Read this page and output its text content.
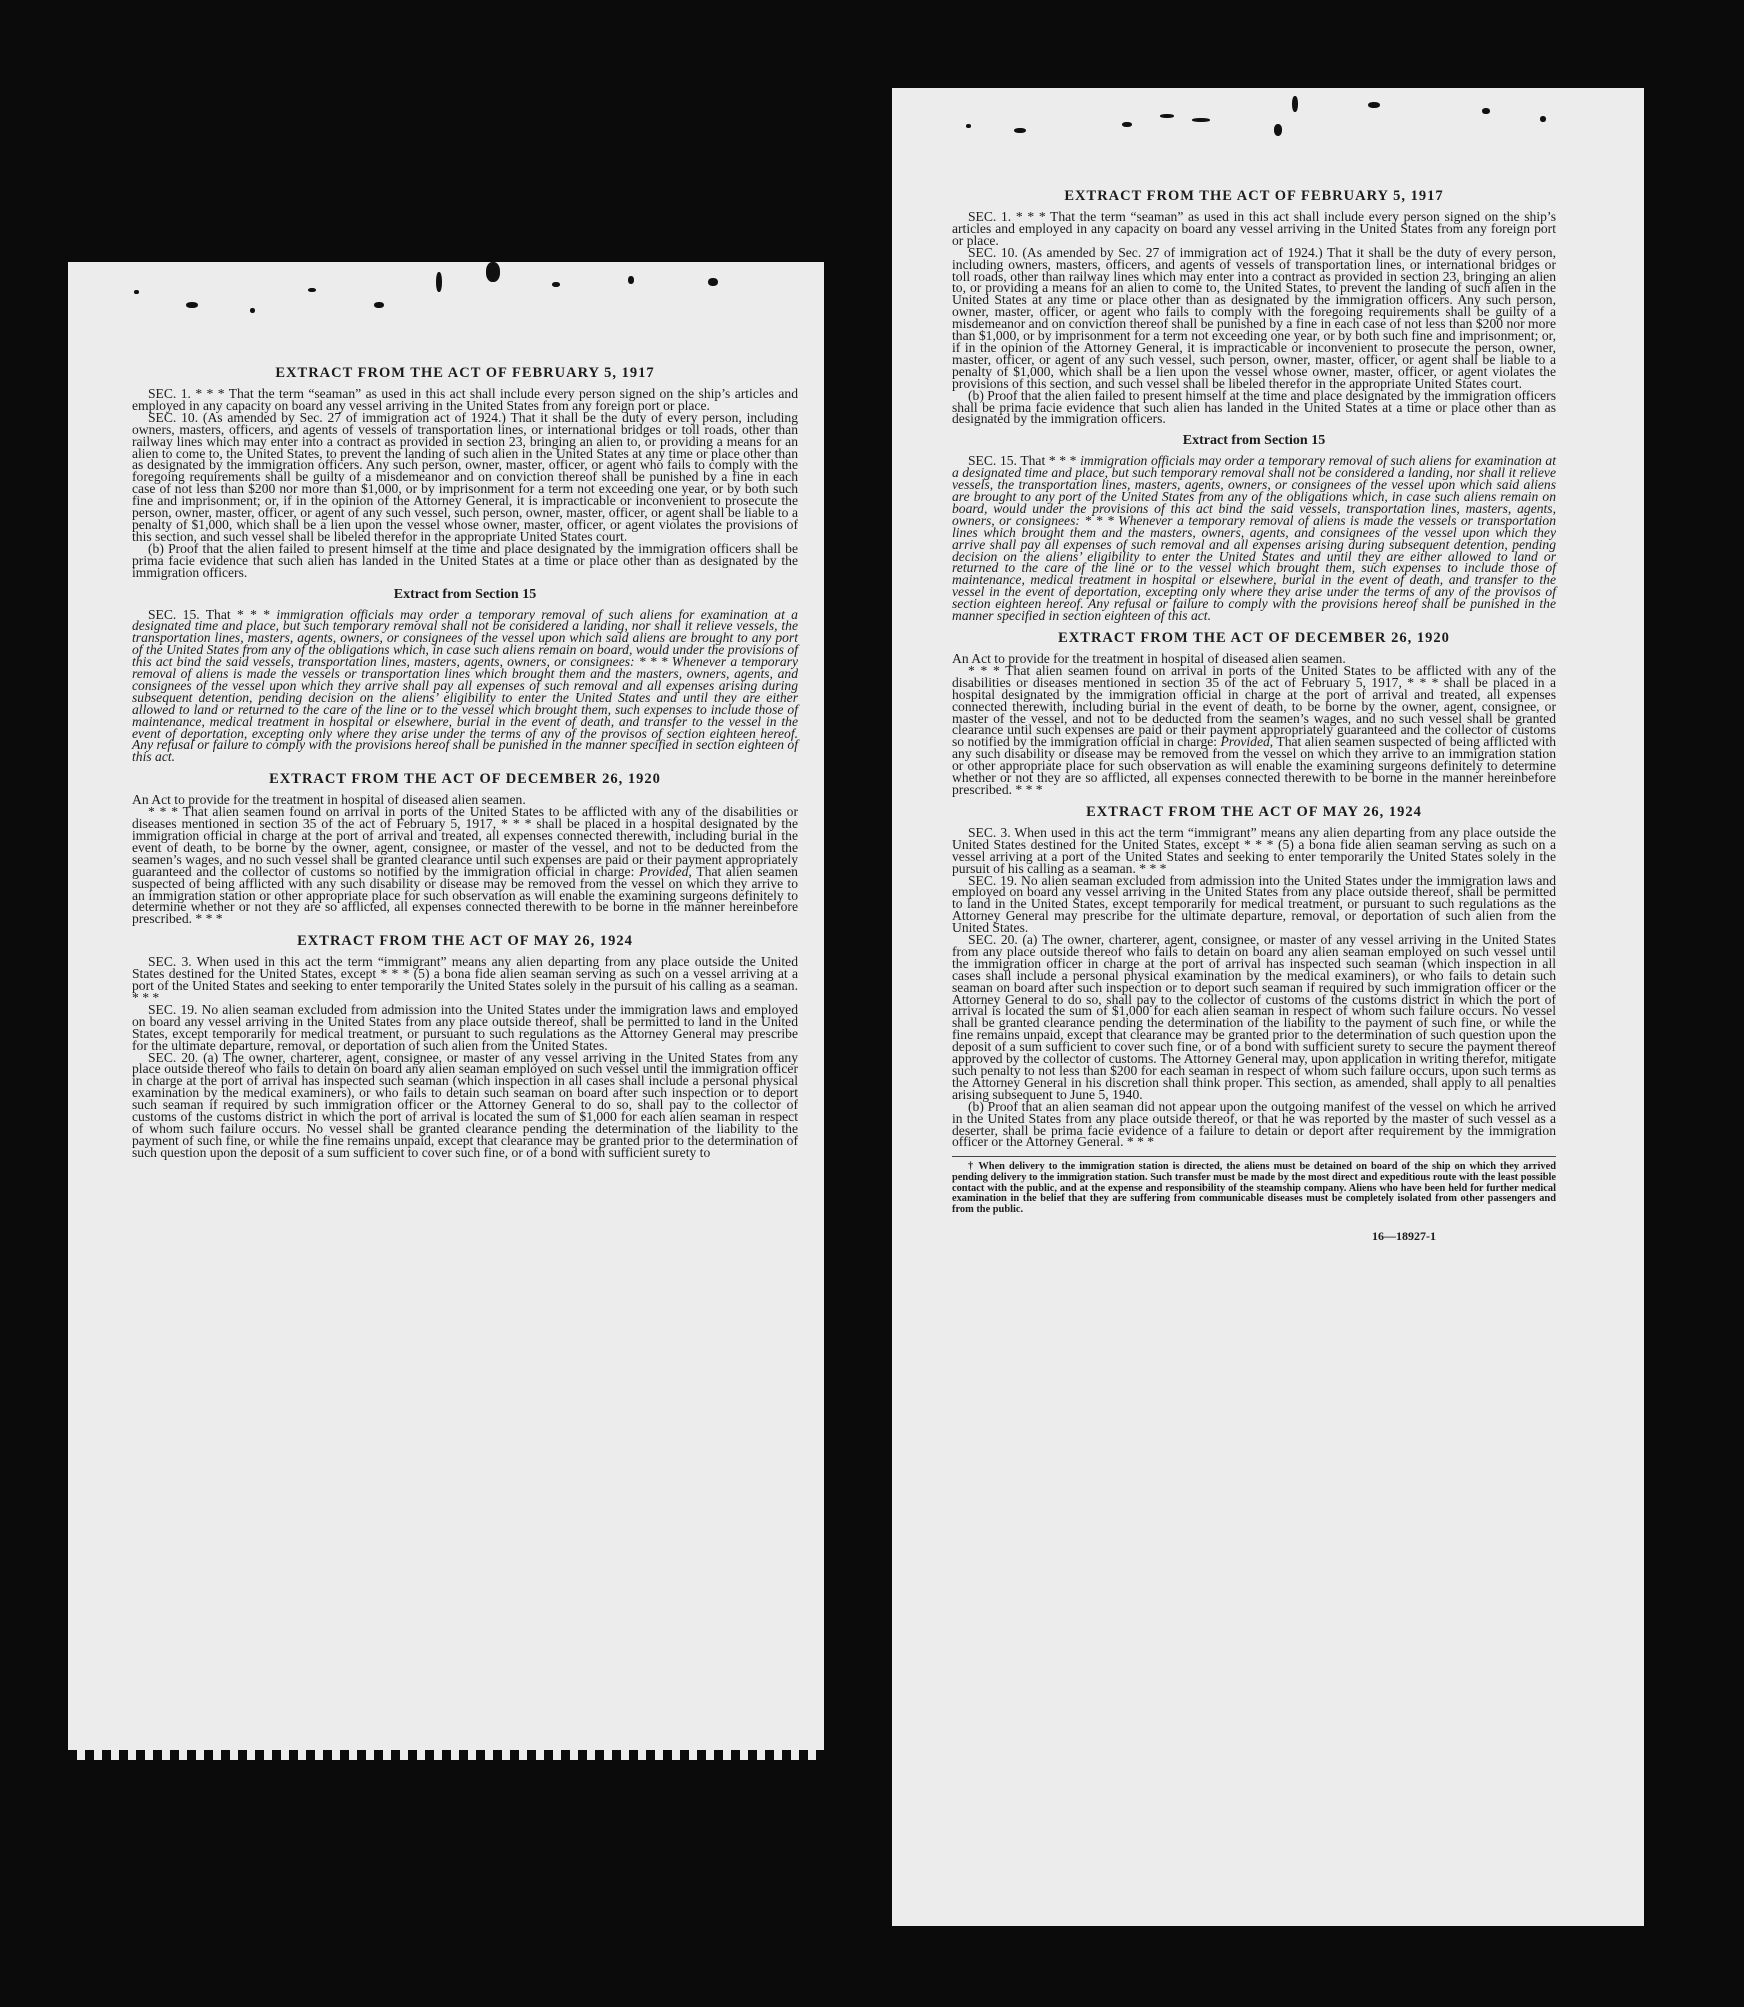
EXTRACT FROM THE ACT OF FEBRUARY 5, 1917

SEC. 1. * * * That the term “seaman” as used in this act shall include every person signed on the ship’s articles and employed in any capacity on board any vessel arriving in the United States from any foreign port or place.

SEC. 10. (As amended by Sec. 27 of immigration act of 1924.) That it shall be the duty of every person, including owners, masters, officers, and agents of vessels of transportation lines, or international bridges or toll roads, other than railway lines which may enter into a contract as provided in section 23, bringing an alien to, or providing a means for an alien to come to, the United States, to prevent the landing of such alien in the United States at any time or place other than as designated by the immigration officers. Any such person, owner, master, officer, or agent who fails to comply with the foregoing requirements shall be guilty of a misdemeanor and on conviction thereof shall be punished by a fine in each case of not less than $200 nor more than $1,000, or by imprisonment for a term not exceeding one year, or by both such fine and imprisonment; or, if in the opinion of the Attorney General, it is impracticable or inconvenient to prosecute the person, owner, master, officer, or agent of any such vessel, such person, owner, master, officer, or agent shall be liable to a penalty of $1,000, which shall be a lien upon the vessel whose owner, master, officer, or agent violates the provisions of this section, and such vessel shall be libeled therefor in the appropriate United States court.

(b) Proof that the alien failed to present himself at the time and place designated by the immigration officers shall be prima facie evidence that such alien has landed in the United States at a time or place other than as designated by the immigration officers.

Extract from Section 15

SEC. 15. That * * * immigration officials may order a temporary removal of such aliens for examination at a designated time and place, but such temporary removal shall not be considered a landing, nor shall it relieve vessels, the transportation lines, masters, agents, owners, or consignees of the vessel upon which said aliens are brought to any port of the United States from any of the obligations which, in case such aliens remain on board, would under the provisions of this act bind the said vessels, transportation lines, masters, agents, owners, or consignees: * * * Whenever a temporary removal of aliens is made the vessels or transportation lines which brought them and the masters, owners, agents, and consignees of the vessel upon which they arrive shall pay all expenses of such removal and all expenses arising during subsequent detention, pending decision on the aliens’ eligibility to enter the United States and until they are either allowed to land or returned to the care of the line or to the vessel which brought them, such expenses to include those of maintenance, medical treatment in hospital or elsewhere, burial in the event of death, and transfer to the vessel in the event of deportation, excepting only where they arise under the terms of any of the provisos of section eighteen hereof. Any refusal or failure to comply with the provisions hereof shall be punished in the manner specified in section eighteen of this act.

EXTRACT FROM THE ACT OF DECEMBER 26, 1920

An Act to provide for the treatment in hospital of diseased alien seamen.

* * * That alien seamen found on arrival in ports of the United States to be afflicted with any of the disabilities or diseases mentioned in section 35 of the act of February 5, 1917, * * * shall be placed in a hospital designated by the immigration official in charge at the port of arrival and treated, all expenses connected therewith, including burial in the event of death, to be borne by the owner, agent, consignee, or master of the vessel, and not to be deducted from the seamen’s wages, and no such vessel shall be granted clearance until such expenses are paid or their payment appropriately guaranteed and the collector of customs so notified by the immigration official in charge: Provided, That alien seamen suspected of being afflicted with any such disability or disease may be removed from the vessel on which they arrive to an immigration station or other appropriate place for such observation as will enable the examining surgeons definitely to determine whether or not they are so afflicted, all expenses connected therewith to be borne in the manner hereinbefore prescribed. * * *

EXTRACT FROM THE ACT OF MAY 26, 1924

SEC. 3. When used in this act the term “immigrant” means any alien departing from any place outside the United States destined for the United States, except * * * (5) a bona fide alien seaman serving as such on a vessel arriving at a port of the United States and seeking to enter temporarily the United States solely in the pursuit of his calling as a seaman. * * *

SEC. 19. No alien seaman excluded from admission into the United States under the immigration laws and employed on board any vessel arriving in the United States from any place outside thereof, shall be permitted to land in the United States, except temporarily for medical treatment, or pursuant to such regulations as the Attorney General may prescribe for the ultimate departure, removal, or deportation of such alien from the United States.

SEC. 20. (a) The owner, charterer, agent, consignee, or master of any vessel arriving in the United States from any place outside thereof who fails to detain on board any alien seaman employed on such vessel until the immigration officer in charge at the port of arrival has inspected such seaman (which inspection in all cases shall include a personal physical examination by the medical examiners), or who fails to detain such seaman on board after such inspection or to deport such seaman if required by such immigration officer or the Attorney General to do so, shall pay to the collector of customs of the customs district in which the port of arrival is located the sum of $1,000 for each alien seaman in respect of whom such failure occurs. No vessel shall be granted clearance pending the determination of the liability to the payment of such fine, or while the fine remains unpaid, except that clearance may be granted prior to the determination of such question upon the deposit of a sum sufficient to cover such fine, or of a bond with sufficient surety to

EXTRACT FROM THE ACT OF FEBRUARY 5, 1917

SEC. 1. * * * That the term “seaman” as used in this act shall include every person signed on the ship’s articles and employed in any capacity on board any vessel arriving in the United States from any foreign port or place.

SEC. 10. (As amended by Sec. 27 of immigration act of 1924.) That it shall be the duty of every person, including owners, masters, officers, and agents of vessels of transportation lines, or international bridges or toll roads, other than railway lines which may enter into a contract as provided in section 23, bringing an alien to, or providing a means for an alien to come to, the United States, to prevent the landing of such alien in the United States at any time or place other than as designated by the immigration officers. Any such person, owner, master, officer, or agent who fails to comply with the foregoing requirements shall be guilty of a misdemeanor and on conviction thereof shall be punished by a fine in each case of not less than $200 nor more than $1,000, or by imprisonment for a term not exceeding one year, or by both such fine and imprisonment; or, if in the opinion of the Attorney General, it is impracticable or inconvenient to prosecute the person, owner, master, officer, or agent of any such vessel, such person, owner, master, officer, or agent shall be liable to a penalty of $1,000, which shall be a lien upon the vessel whose owner, master, officer, or agent violates the provisions of this section, and such vessel shall be libeled therefor in the appropriate United States court.

(b) Proof that the alien failed to present himself at the time and place designated by the immigration officers shall be prima facie evidence that such alien has landed in the United States at a time or place other than as designated by the immigration officers.

Extract from Section 15

SEC. 15. That * * * immigration officials may order a temporary removal of such aliens for examination at a designated time and place, but such temporary removal shall not be considered a landing, nor shall it relieve vessels, the transportation lines, masters, agents, owners, or consignees of the vessel upon which said aliens are brought to any port of the United States from any of the obligations which, in case such aliens remain on board, would under the provisions of this act bind the said vessels, transportation lines, masters, agents, owners, or consignees: * * * Whenever a temporary removal of aliens is made the vessels or transportation lines which brought them and the masters, owners, agents, and consignees of the vessel upon which they arrive shall pay all expenses of such removal and all expenses arising during subsequent detention, pending decision on the aliens’ eligibility to enter the United States and until they are either allowed to land or returned to the care of the line or to the vessel which brought them, such expenses to include those of maintenance, medical treatment in hospital or elsewhere, burial in the event of death, and transfer to the vessel in the event of deportation, excepting only where they arise under the terms of any of the provisos of section eighteen hereof. Any refusal or failure to comply with the provisions hereof shall be punished in the manner specified in section eighteen of this act.

EXTRACT FROM THE ACT OF DECEMBER 26, 1920

An Act to provide for the treatment in hospital of diseased alien seamen.

* * * That alien seamen found on arrival in ports of the United States to be afflicted with any of the disabilities or diseases mentioned in section 35 of the act of February 5, 1917, * * * shall be placed in a hospital designated by the immigration official in charge at the port of arrival and treated, all expenses connected therewith, including burial in the event of death, to be borne by the owner, agent, consignee, or master of the vessel, and not to be deducted from the seamen’s wages, and no such vessel shall be granted clearance until such expenses are paid or their payment appropriately guaranteed and the collector of customs so notified by the immigration official in charge: Provided, That alien seamen suspected of being afflicted with any such disability or disease may be removed from the vessel on which they arrive to an immigration station or other appropriate place for such observation as will enable the examining surgeons definitely to determine whether or not they are so afflicted, all expenses connected therewith to be borne in the manner hereinbefore prescribed. * * *

EXTRACT FROM THE ACT OF MAY 26, 1924

SEC. 3. When used in this act the term “immigrant” means any alien departing from any place outside the United States destined for the United States, except * * * (5) a bona fide alien seaman serving as such on a vessel arriving at a port of the United States and seeking to enter temporarily the United States solely in the pursuit of his calling as a seaman. * * *

SEC. 19. No alien seaman excluded from admission into the United States under the immigration laws and employed on board any vessel arriving in the United States from any place outside thereof, shall be permitted to land in the United States, except temporarily for medical treatment, or pursuant to such regulations as the Attorney General may prescribe for the ultimate departure, removal, or deportation of such alien from the United States.

SEC. 20. (a) The owner, charterer, agent, consignee, or master of any vessel arriving in the United States from any place outside thereof who fails to detain on board any alien seaman employed on such vessel until the immigration officer in charge at the port of arrival has inspected such seaman (which inspection in all cases shall include a personal physical examination by the medical examiners), or who fails to detain such seaman on board after such inspection or to deport such seaman if required by such immigration officer or the Attorney General to do so, shall pay to the collector of customs of the customs district in which the port of arrival is located the sum of $1,000 for each alien seaman in respect of whom such failure occurs. No vessel shall be granted clearance pending the determination of the liability to the payment of such fine, or while the fine remains unpaid, except that clearance may be granted prior to the determination of such question upon the deposit of a sum sufficient to cover such fine, or of a bond with sufficient surety to secure the payment thereof approved by the collector of customs. The Attorney General may, upon application in writing therefor, mitigate such penalty to not less than $200 for each seaman in respect of whom such failure occurs, upon such terms as the Attorney General in his discretion shall think proper. This section, as amended, shall apply to all penalties arising subsequent to June 5, 1940.

(b) Proof that an alien seaman did not appear upon the outgoing manifest of the vessel on which he arrived in the United States from any place outside thereof, or that he was reported by the master of such vessel as a deserter, shall be prima facie evidence of a failure to detain or deport after requirement by the immigration officer or the Attorney General. * * *

† When delivery to the immigration station is directed, the aliens must be detained on board of the ship on which they arrived pending delivery to the immigration station. Such transfer must be made by the most direct and expeditious route with the least possible contact with the public, and at the expense and responsibility of the steamship company. Aliens who have been held for further medical examination in the belief that they are suffering from communicable diseases must be completely isolated from other passengers and from the public.

16—18927-1
